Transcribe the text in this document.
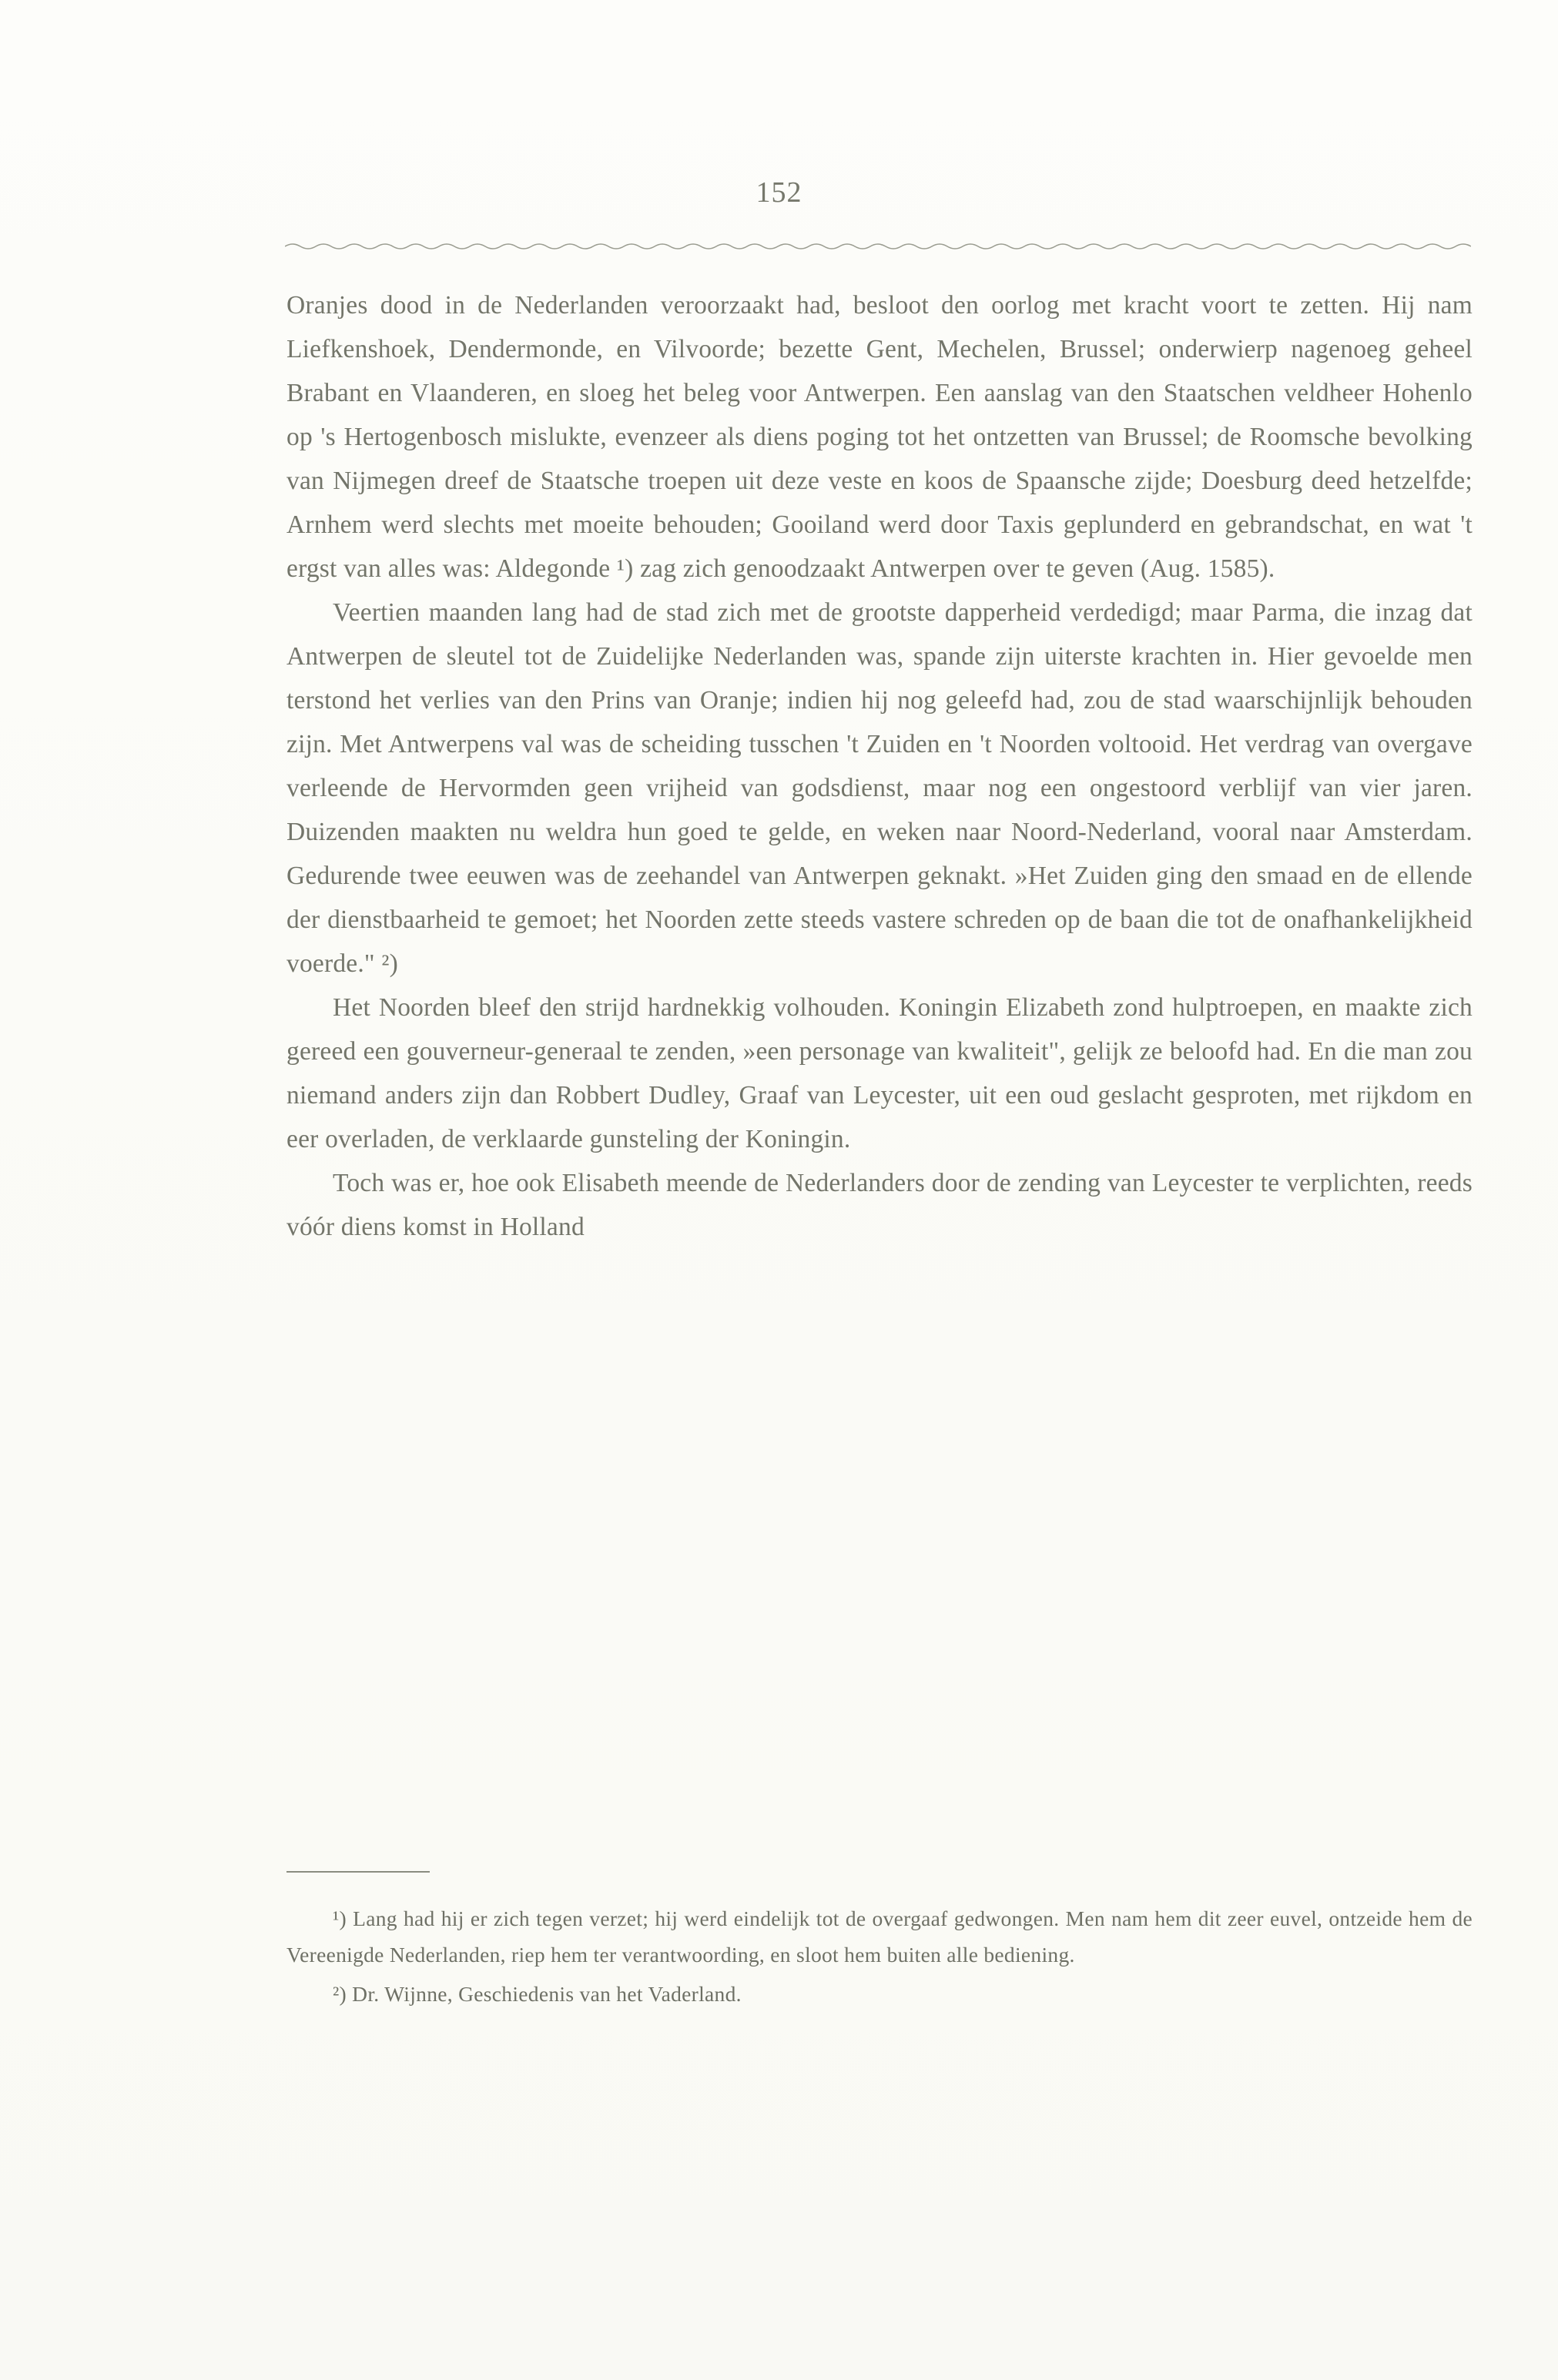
152

Oranjes dood in de Nederlanden veroorzaakt had, besloot den oorlog met kracht voort te zetten. Hij nam Liefkenshoek, Dendermonde, en Vilvoorde; bezette Gent, Mechelen, Brussel; onderwierp nagenoeg geheel Brabant en Vlaanderen, en sloeg het beleg voor Antwerpen. Een aanslag van den Staatschen veldheer Hohenlo op 's Hertogenbosch mislukte, evenzeer als diens poging tot het ontzetten van Brussel; de Roomsche bevolking van Nijmegen dreef de Staatsche troepen uit deze veste en koos de Spaansche zijde; Doesburg deed hetzelfde; Arnhem werd slechts met moeite behouden; Gooiland werd door Taxis geplunderd en gebrandschat, en wat 't ergst van alles was: Aldegonde ¹) zag zich genoodzaakt Antwerpen over te geven (Aug. 1585).

Veertien maanden lang had de stad zich met de grootste dapperheid verdedigd; maar Parma, die inzag dat Antwerpen de sleutel tot de Zuidelijke Nederlanden was, spande zijn uiterste krachten in. Hier gevoelde men terstond het verlies van den Prins van Oranje; indien hij nog geleefd had, zou de stad waarschijnlijk behouden zijn. Met Antwerpens val was de scheiding tusschen 't Zuiden en 't Noorden voltooid. Het verdrag van overgave verleende de Hervormden geen vrijheid van godsdienst, maar nog een ongestoord verblijf van vier jaren. Duizenden maakten nu weldra hun goed te gelde, en weken naar Noord-Nederland, vooral naar Amsterdam. Gedurende twee eeuwen was de zeehandel van Antwerpen geknakt. »Het Zuiden ging den smaad en de ellende der dienstbaarheid te gemoet; het Noorden zette steeds vastere schreden op de baan die tot de onafhankelijkheid voerde." ²)

Het Noorden bleef den strijd hardnekkig volhouden. Koningin Elizabeth zond hulptroepen, en maakte zich gereed een gouverneur-generaal te zenden, »een personage van kwaliteit", gelijk ze beloofd had. En die man zou niemand anders zijn dan Robbert Dudley, Graaf van Leycester, uit een oud geslacht gesproten, met rijkdom en eer overladen, de verklaarde gunsteling der Koningin.

Toch was er, hoe ook Elisabeth meende de Nederlanders door de zending van Leycester te verplichten, reeds vóór diens komst in Holland

¹) Lang had hij er zich tegen verzet; hij werd eindelijk tot de overgaaf gedwongen. Men nam hem dit zeer euvel, ontzeide hem de Vereenigde Nederlanden, riep hem ter verantwoording, en sloot hem buiten alle bediening.

²) Dr. Wijnne, Geschiedenis van het Vaderland.
